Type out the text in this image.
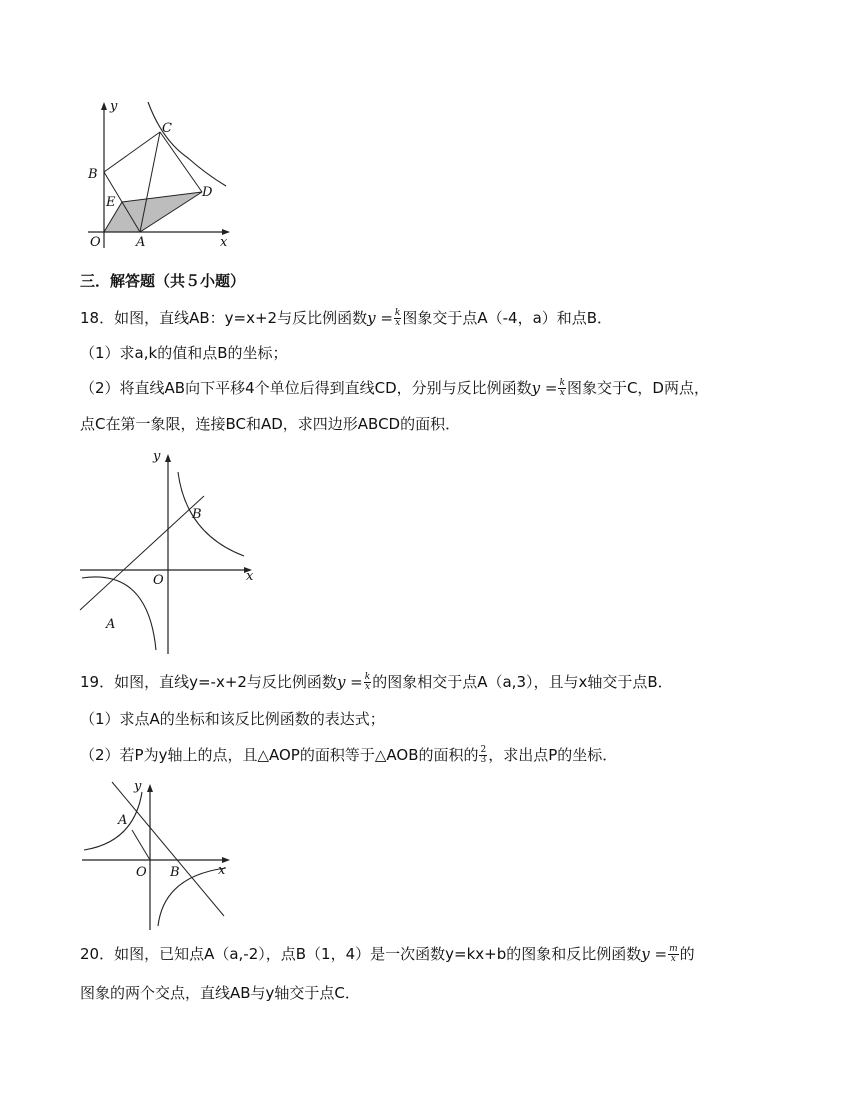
y
x
O	A
B
C
D
E
三．解答题（共５小题）
18．如图，直线AB：y=x+2与反比例函数$y = \frac{k}{x}$ 图象交于点A（-4，a）和点B．
（1）求a,k的值和点B的坐标；
（2）将直线AB向下平移4个单位后得到直线CD，分别与反比例函数$y = \frac{k}{x}$ 图象交于C，D两点，
点C在第一象限，连接BC和AD，求四边形ABCD的面积．
y
x
O
A
B
19．如图，直线y=-x+2与反比例函数$y = \frac{k}{x}$ 的图象相交于点A（a,3），且与x轴交于点B．
（1）求点A的坐标和该反比例函数的表达式；
（2）若P为y轴上的点，且△AOP的面积等于△AOB的面积的 $\frac{2}{3}$ ，求出点P的坐标．
y
x
O
A
B
20．如图，已知点A（a,-2），点B（1，4）是一次函数y=kx+b的图象和反比例函数$y = \frac{m}{x}$ 的
图象的两个交点，直线AB与y轴交于点C．
